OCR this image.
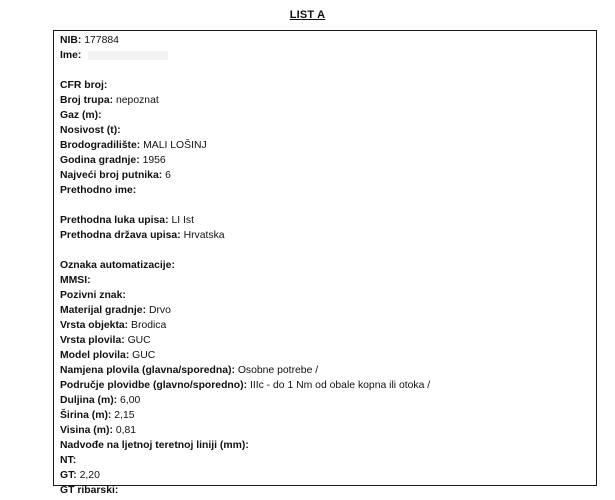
LIST A
NIB: 177884
Ime:
CFR broj:
Broj trupa: nepoznat
Gaz (m):
Nosivost (t):
Brodogradilište: MALI LOŠINJ
Godina gradnje: 1956
Najveći broj putnika: 6
Prethodno ime:
Prethodna luka upisa: LI Ist
Prethodna država upisa: Hrvatska
Oznaka automatizacije:
MMSI:
Pozivni znak:
Materijal gradnje: Drvo
Vrsta objekta: Brodica
Vrsta plovila: GUC
Model plovila: GUC
Namjena plovila (glavna/sporedna): Osobne potrebe /
Područje plovidbe (glavno/sporedno): IIIc - do 1 Nm od obale kopna ili otoka /
Duljina (m): 6,00
Širina (m): 2,15
Visina (m): 0,81
Nadvođe na ljetnoj teretnoj liniji (mm):
NT:
GT: 2,20
GT ribarski:
